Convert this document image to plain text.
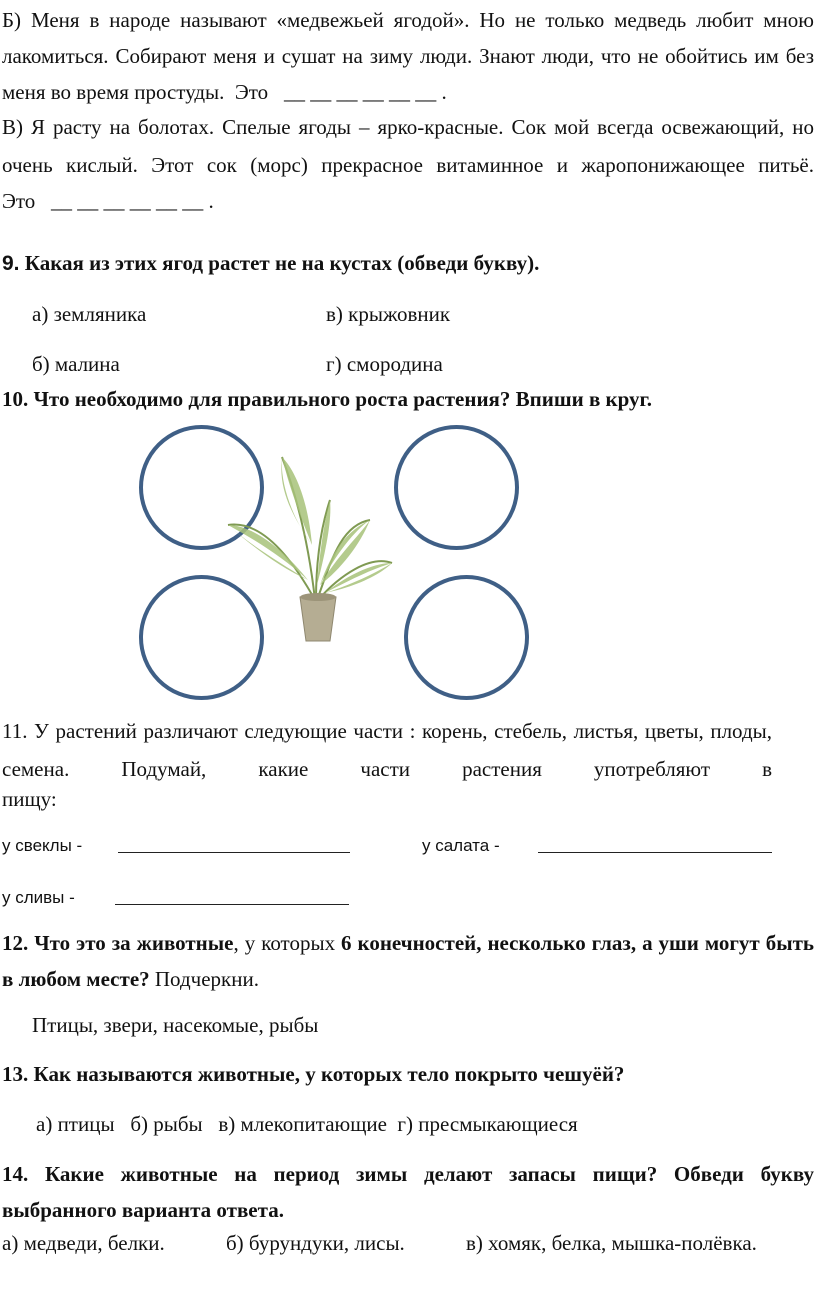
Б) Меня в народе называют «медвежьей ягодой». Но не только медведь любит мною лакомиться. Собирают меня и сушат на зиму люди. Знают люди, что не обойтись им без меня во время простуды. Это __ __ __ __ __ __ .
В) Я расту на болотах. Спелые ягоды – ярко-красные. Сок мой всегда освежающий, но очень кислый. Этот сок (морс) прекрасное витаминное и жаропонижающее питьё.
Это __ __ __ __ __ __ .
9. Какая из этих ягод растет не на кустах (обведи букву).
а) земляника	в) крыжовник
б) малина	г) смородина
10. Что необходимо для правильного роста растения? Впиши в круг.
11. У растений различают следующие части : корень, стебель, листья, цветы, плоды, семена. Подумай, какие части растения употребляют в
пищу:
у свеклы -	у салата -
у сливы -
12. Что это за животные, у которых 6 конечностей, несколько глаз, а уши могут быть в любом месте? Подчеркни.
Птицы, звери, насекомые, рыбы
13. Как называются животные, у которых тело покрыто чешуёй?
а) птицы   б) рыбы   в) млекопитающие  г) пресмыкающиеся
14. Какие животные на период зимы делают запасы пищи? Обведи букву выбранного варианта ответа.
а) медведи, белки.	б) бурундуки, лисы.	в) хомяк, белка, мышка-полёвка.
